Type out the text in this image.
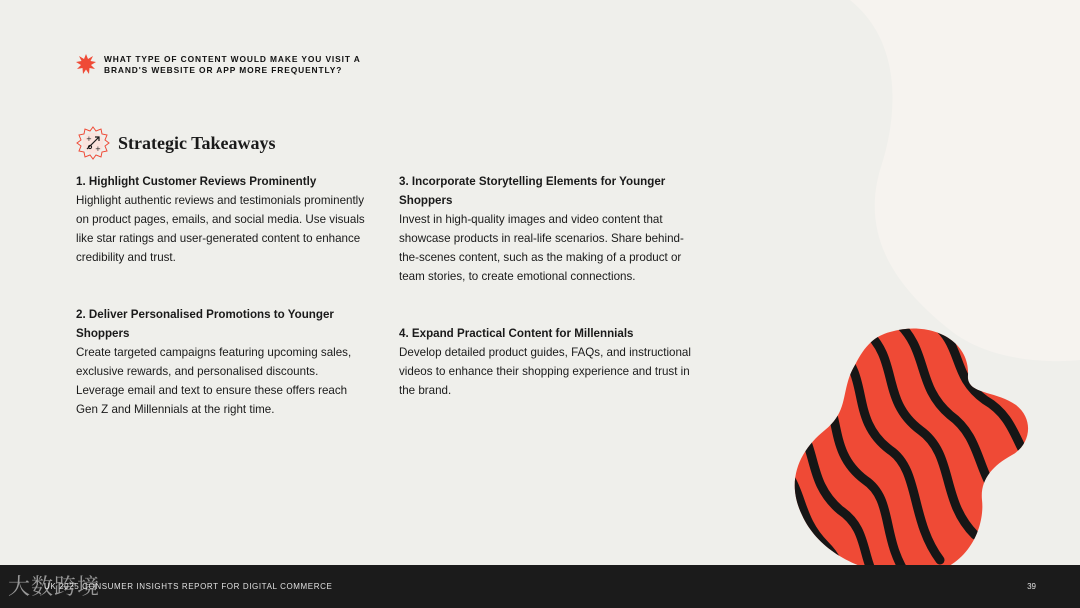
WHAT TYPE OF CONTENT WOULD MAKE YOU VISIT A BRAND'S WEBSITE OR APP MORE FREQUENTLY?
+
+ Strategic Takeaways
1. Highlight Customer Reviews Prominently
Highlight authentic reviews and testimonials prominently on product pages, emails, and social media. Use visuals like star ratings and user-generated content to enhance credibility and trust.
2. Deliver Personalised Promotions to Younger Shoppers
Create targeted campaigns featuring upcoming sales, exclusive rewards, and personalised discounts. Leverage email and text to ensure these offers reach Gen Z and Millennials at the right time.
3. Incorporate Storytelling Elements for Younger Shoppers
Invest in high-quality images and video content that showcase products in real-life scenarios. Share behind-the-scenes content, such as the making of a product or team stories, to create emotional connections.
4. Expand Practical Content for Millennials
Develop detailed product guides, FAQs, and instructional videos to enhance their shopping experience and trust in the brand.
UK 2025 CONSUMER INSIGHTS REPORT FOR DIGITAL COMMERCE	39
大数跨境
